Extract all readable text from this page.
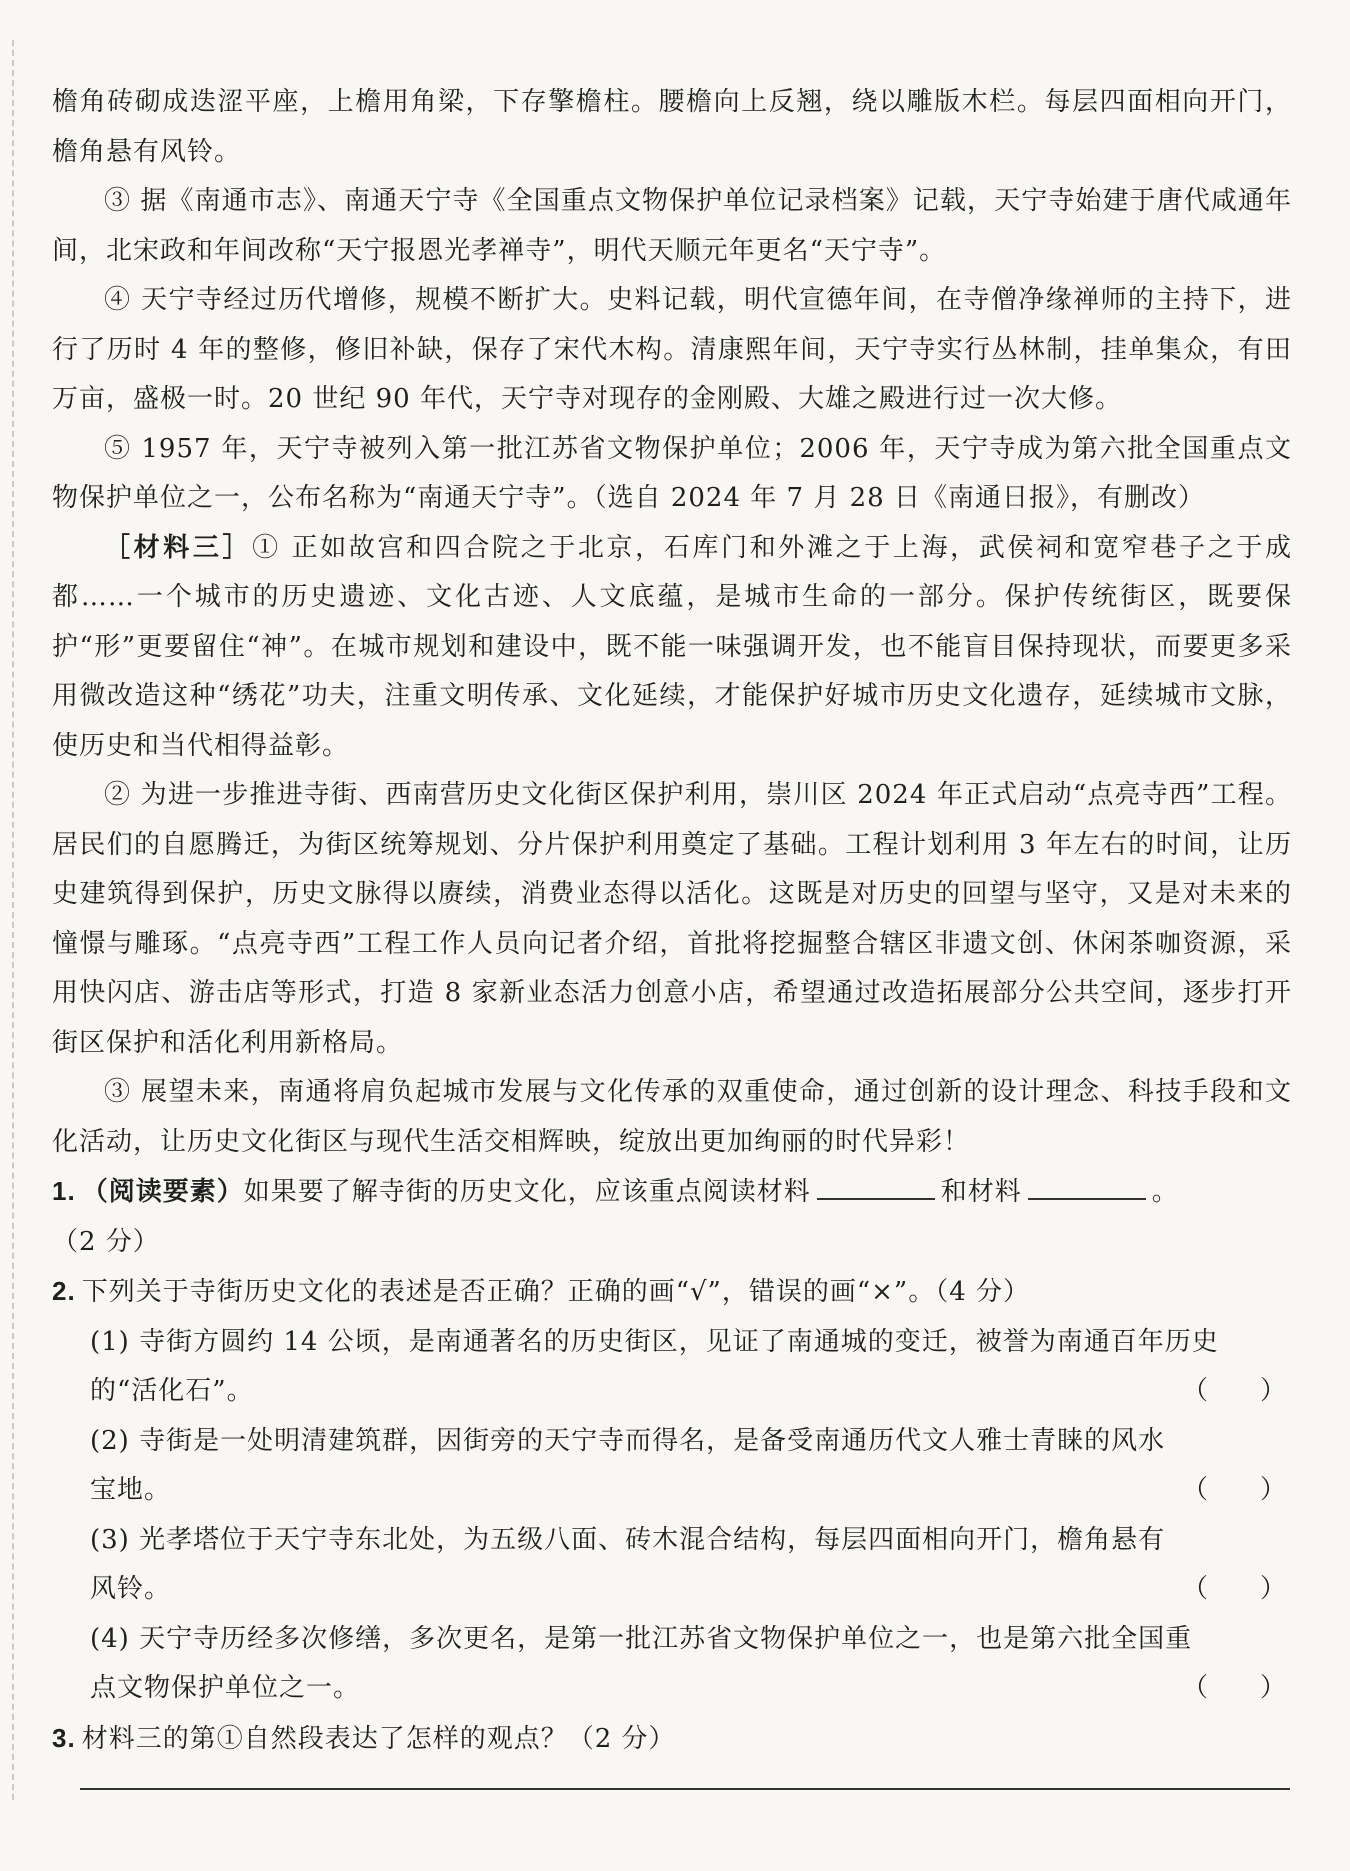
檐角砖砌成迭涩平座，上檐用角梁，下存擎檐柱。腰檐向上反翘，绕以雕版木栏。每层四面相向开门，檐角悬有风铃。

③ 据《南通市志》、南通天宁寺《全国重点文物保护单位记录档案》记载，天宁寺始建于唐代咸通年间，北宋政和年间改称“天宁报恩光孝禅寺”，明代天顺元年更名“天宁寺”。

④ 天宁寺经过历代增修，规模不断扩大。史料记载，明代宣德年间，在寺僧净缘禅师的主持下，进行了历时 4 年的整修，修旧补缺，保存了宋代木构。清康熙年间，天宁寺实行丛林制，挂单集众，有田万亩，盛极一时。20 世纪 90 年代，天宁寺对现存的金刚殿、大雄之殿进行过一次大修。

⑤ 1957 年，天宁寺被列入第一批江苏省文物保护单位；2006 年，天宁寺成为第六批全国重点文物保护单位之一，公布名称为“南通天宁寺”。（选自 2024 年 7 月 28 日《南通日报》，有删改）

［材料三］① 正如故宫和四合院之于北京，石库门和外滩之于上海，武侯祠和宽窄巷子之于成都……一个城市的历史遗迹、文化古迹、人文底蕴，是城市生命的一部分。保护传统街区，既要保护“形”更要留住“神”。在城市规划和建设中，既不能一味强调开发，也不能盲目保持现状，而要更多采用微改造这种“绣花”功夫，注重文明传承、文化延续，才能保护好城市历史文化遗存，延续城市文脉，使历史和当代相得益彰。

② 为进一步推进寺街、西南营历史文化街区保护利用，崇川区 2024 年正式启动“点亮寺西”工程。居民们的自愿腾迁，为街区统筹规划、分片保护利用奠定了基础。工程计划利用 3 年左右的时间，让历史建筑得到保护，历史文脉得以赓续，消费业态得以活化。这既是对历史的回望与坚守，又是对未来的憧憬与雕琢。“点亮寺西”工程工作人员向记者介绍，首批将挖掘整合辖区非遗文创、休闲茶咖资源，采用快闪店、游击店等形式，打造 8 家新业态活力创意小店，希望通过改造拓展部分公共空间，逐步打开街区保护和活化利用新格局。

③ 展望未来，南通将肩负起城市发展与文化传承的双重使命，通过创新的设计理念、科技手段和文化活动，让历史文化街区与现代生活交相辉映，绽放出更加绚丽的时代异彩！

1. （阅读要素）如果要了解寺街的历史文化，应该重点阅读材料	和材料	。

（2 分）

2. 下列关于寺街历史文化的表述是否正确？正确的画“√”，错误的画“×”。（4 分）

(1) 寺街方圆约 14 公顷，是南通著名的历史街区，见证了南通城的变迁，被誉为南通百年历史

的“活化石”。	（　　）

(2) 寺街是一处明清建筑群，因街旁的天宁寺而得名，是备受南通历代文人雅士青睐的风水

宝地。	（　　）

(3) 光孝塔位于天宁寺东北处，为五级八面、砖木混合结构，每层四面相向开门，檐角悬有

风铃。	（　　）

(4) 天宁寺历经多次修缮，多次更名，是第一批江苏省文物保护单位之一，也是第六批全国重

点文物保护单位之一。	（　　）

3. 材料三的第①自然段表达了怎样的观点？（2 分）
